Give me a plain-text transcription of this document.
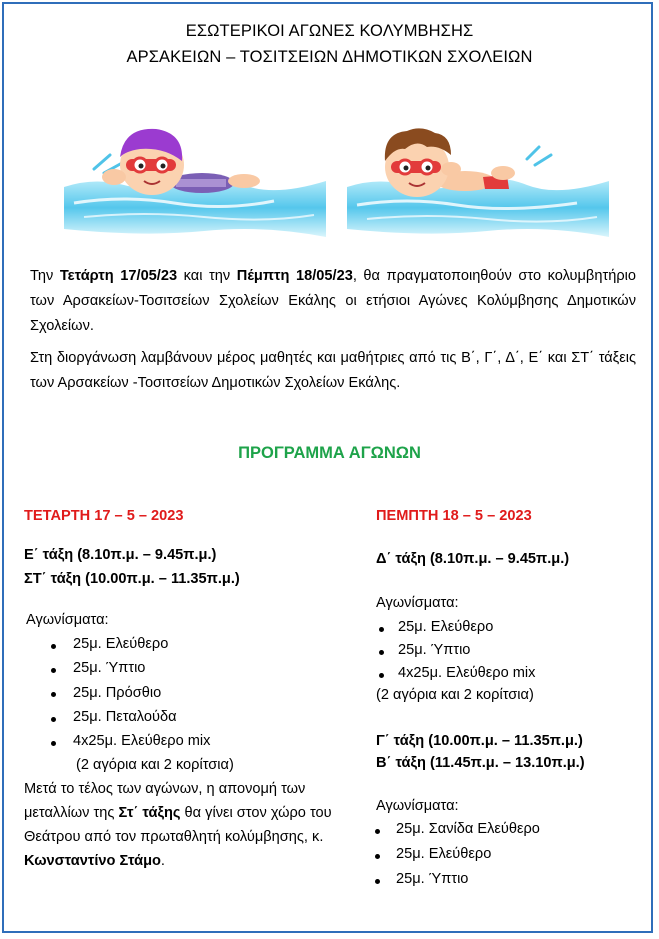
ΕΣΩΤΕΡΙΚΟΙ ΑΓΩΝΕΣ ΚΟΛΥΜΒΗΣΗΣ
ΑΡΣΑΚΕΙΩΝ – ΤΟΣΙΤΣΕΙΩΝ ΔΗΜΟΤΙΚΩΝ ΣΧΟΛΕΙΩΝ
Την Τετάρτη 17/05/23 και την Πέμπτη 18/05/23, θα πραγματοποιηθούν στο κολυμβητήριο των Αρσακείων-Τοσιτσείων Σχολείων Εκάλης οι ετήσιοι Αγώνες Κολύμβησης Δημοτικών Σχολείων.
Στη διοργάνωση λαμβάνουν μέρος μαθητές και μαθήτριες από τις Β΄, Γ΄, Δ΄, Ε΄ και ΣΤ΄ τάξεις των Αρσακείων -Τοσιτσείων Δημοτικών Σχολείων Εκάλης.
ΠΡΟΓΡΑΜΜΑ ΑΓΩΝΩΝ
ΤΕΤΑΡΤΗ 17 – 5 – 2023
Ε΄ τάξη (8.10π.μ. – 9.45π.μ.)
ΣΤ΄ τάξη (10.00π.μ. – 11.35π.μ.)
Αγωνίσματα:
25μ. Ελεύθερο
25μ. Ύπτιο
25μ. Πρόσθιο
25μ. Πεταλούδα
4x25μ. Ελεύθερο mix
(2 αγόρια και 2 κορίτσια)
Μετά το τέλος των αγώνων, η απονομή των μεταλλίων της Στ΄ τάξης θα γίνει στον χώρο του Θεάτρου από τον πρωταθλητή κολύμβησης, κ. Κωνσταντίνο Στάμο.
ΠΕΜΠΤΗ 18 – 5 – 2023
Δ΄ τάξη (8.10π.μ. – 9.45π.μ.)
Αγωνίσματα:
25μ. Ελεύθερο
25μ. Ύπτιο
4x25μ. Ελεύθερο mix
(2 αγόρια και 2 κορίτσια)
Γ΄ τάξη (10.00π.μ. – 11.35π.μ.)
Β΄ τάξη (11.45π.μ. – 13.10π.μ.)
Αγωνίσματα:
25μ. Σανίδα Ελεύθερο
25μ. Ελεύθερο
25μ. Ύπτιο
